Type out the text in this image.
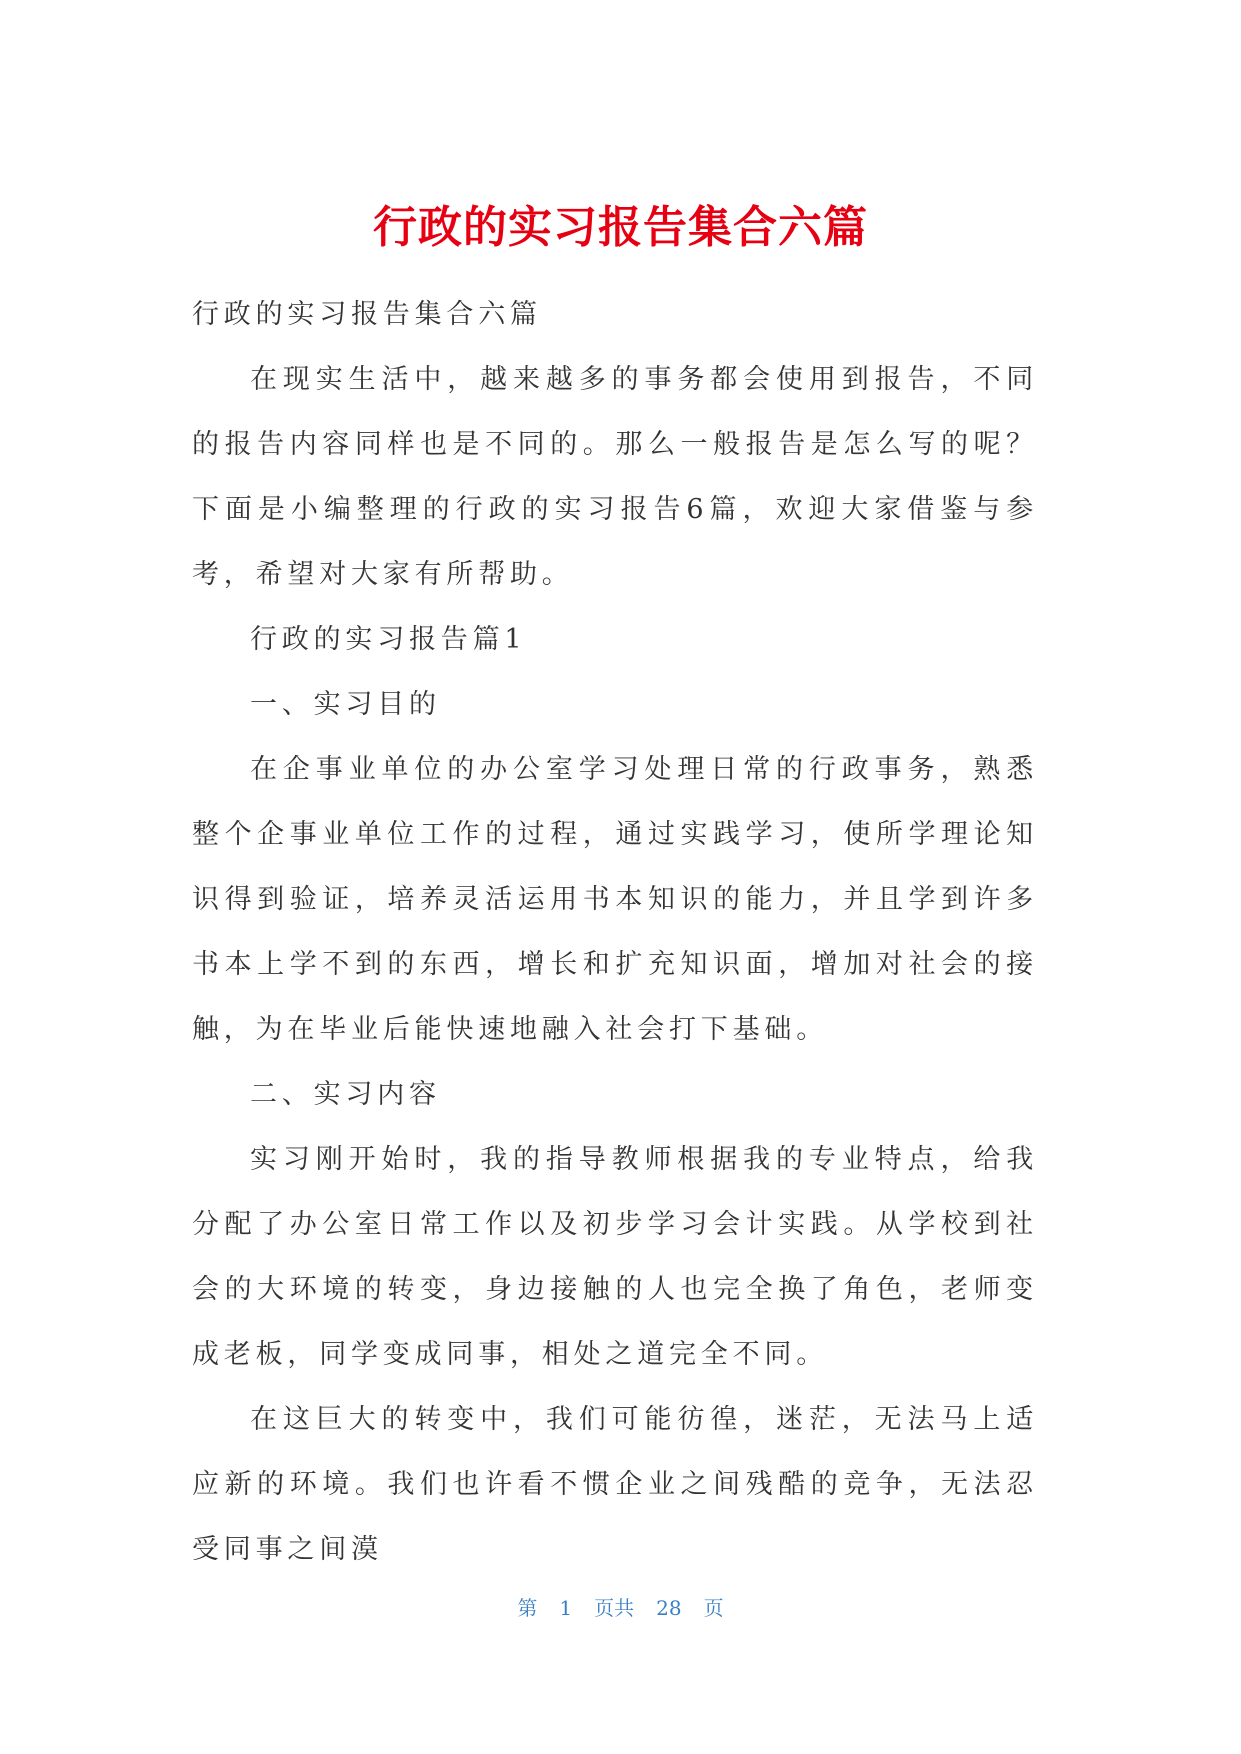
行政的实习报告集合六篇

行政的实习报告集合六篇

在现实生活中，越来越多的事务都会使用到报告，不同的报告内容同样也是不同的。那么一般报告是怎么写的呢？下面是小编整理的行政的实习报告6篇，欢迎大家借鉴与参考，希望对大家有所帮助。

行政的实习报告篇1

一、实习目的

在企事业单位的办公室学习处理日常的行政事务，熟悉整个企事业单位工作的过程，通过实践学习，使所学理论知识得到验证，培养灵活运用书本知识的能力，并且学到许多书本上学不到的东西，增长和扩充知识面，增加对社会的接触，为在毕业后能快速地融入社会打下基础。

二、实习内容

实习刚开始时，我的指导教师根据我的专业特点，给我分配了办公室日常工作以及初步学习会计实践。从学校到社会的大环境的转变，身边接触的人也完全换了角色，老师变成老板，同学变成同事，相处之道完全不同。

在这巨大的转变中，我们可能彷徨，迷茫，无法马上适应新的环境。我们也许看不惯企业之间残酷的竞争，无法忍受同事之间漠

第 1 页共 28 页
